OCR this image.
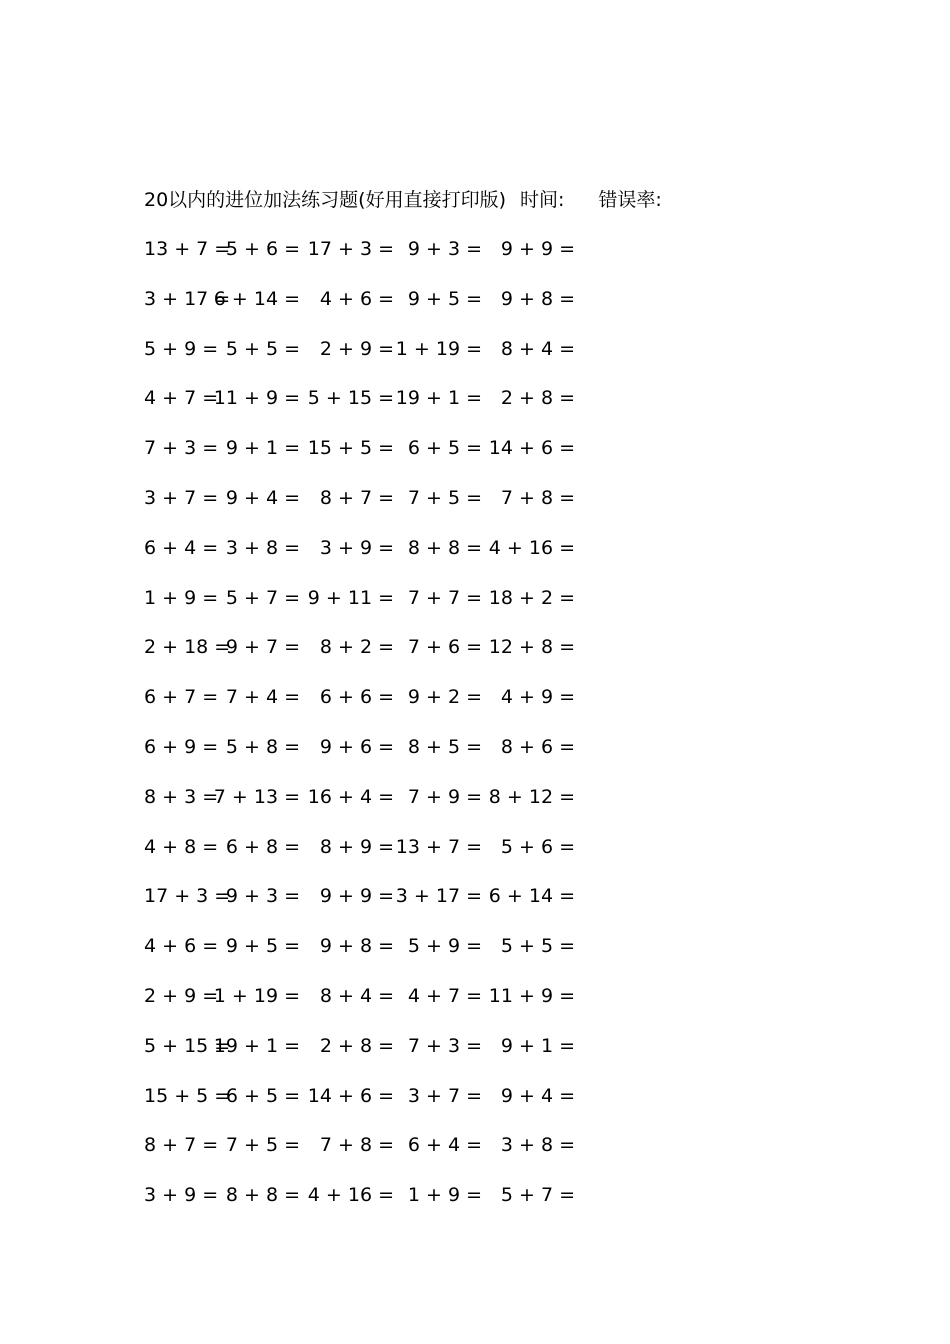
20以内的进位加法练习题(好用直接打印版) 时间: 错误率:
13 + 7 =
5 + 6 = 17 + 3 = 9 + 3 = 9 + 9 =
3 + 17 =
6 + 14 = 4 + 6 = 9 + 5 = 9 + 8 =
5 + 9 = 5 + 5 = 2 + 9 = 1 + 19 = 8 + 4 =
4 + 7 =
11 + 9 = 5 + 15 = 19 + 1 = 2 + 8 =
7 + 3 = 9 + 1 = 15 + 5 = 6 + 5 = 14 + 6 =
3 + 7 = 9 + 4 = 8 + 7 = 7 + 5 = 7 + 8 =
6 + 4 = 3 + 8 = 3 + 9 = 8 + 8 = 4 + 16 =
1 + 9 = 5 + 7 = 9 + 11 = 7 + 7 = 18 + 2 =
2 + 18 =
9 + 7 = 8 + 2 = 7 + 6 = 12 + 8 =
6 + 7 = 7 + 4 = 6 + 6 = 9 + 2 = 4 + 9 =
6 + 9 = 5 + 8 = 9 + 6 = 8 + 5 = 8 + 6 =
8 + 3 =
7 + 13 = 16 + 4 = 7 + 9 = 8 + 12 =
4 + 8 = 6 + 8 = 8 + 9 = 13 + 7 = 5 + 6 =
17 + 3 =
9 + 3 = 9 + 9 = 3 + 17 = 6 + 14 =
4 + 6 = 9 + 5 = 9 + 8 = 5 + 9 = 5 + 5 =
2 + 9 =
1 + 19 = 8 + 4 = 4 + 7 = 11 + 9 =
5 + 15 =
19 + 1 = 2 + 8 = 7 + 3 = 9 + 1 =
15 + 5 =
6 + 5 = 14 + 6 = 3 + 7 = 9 + 4 =
8 + 7 = 7 + 5 = 7 + 8 = 6 + 4 = 3 + 8 =
3 + 9 = 8 + 8 = 4 + 16 = 1 + 9 = 5 + 7 =
